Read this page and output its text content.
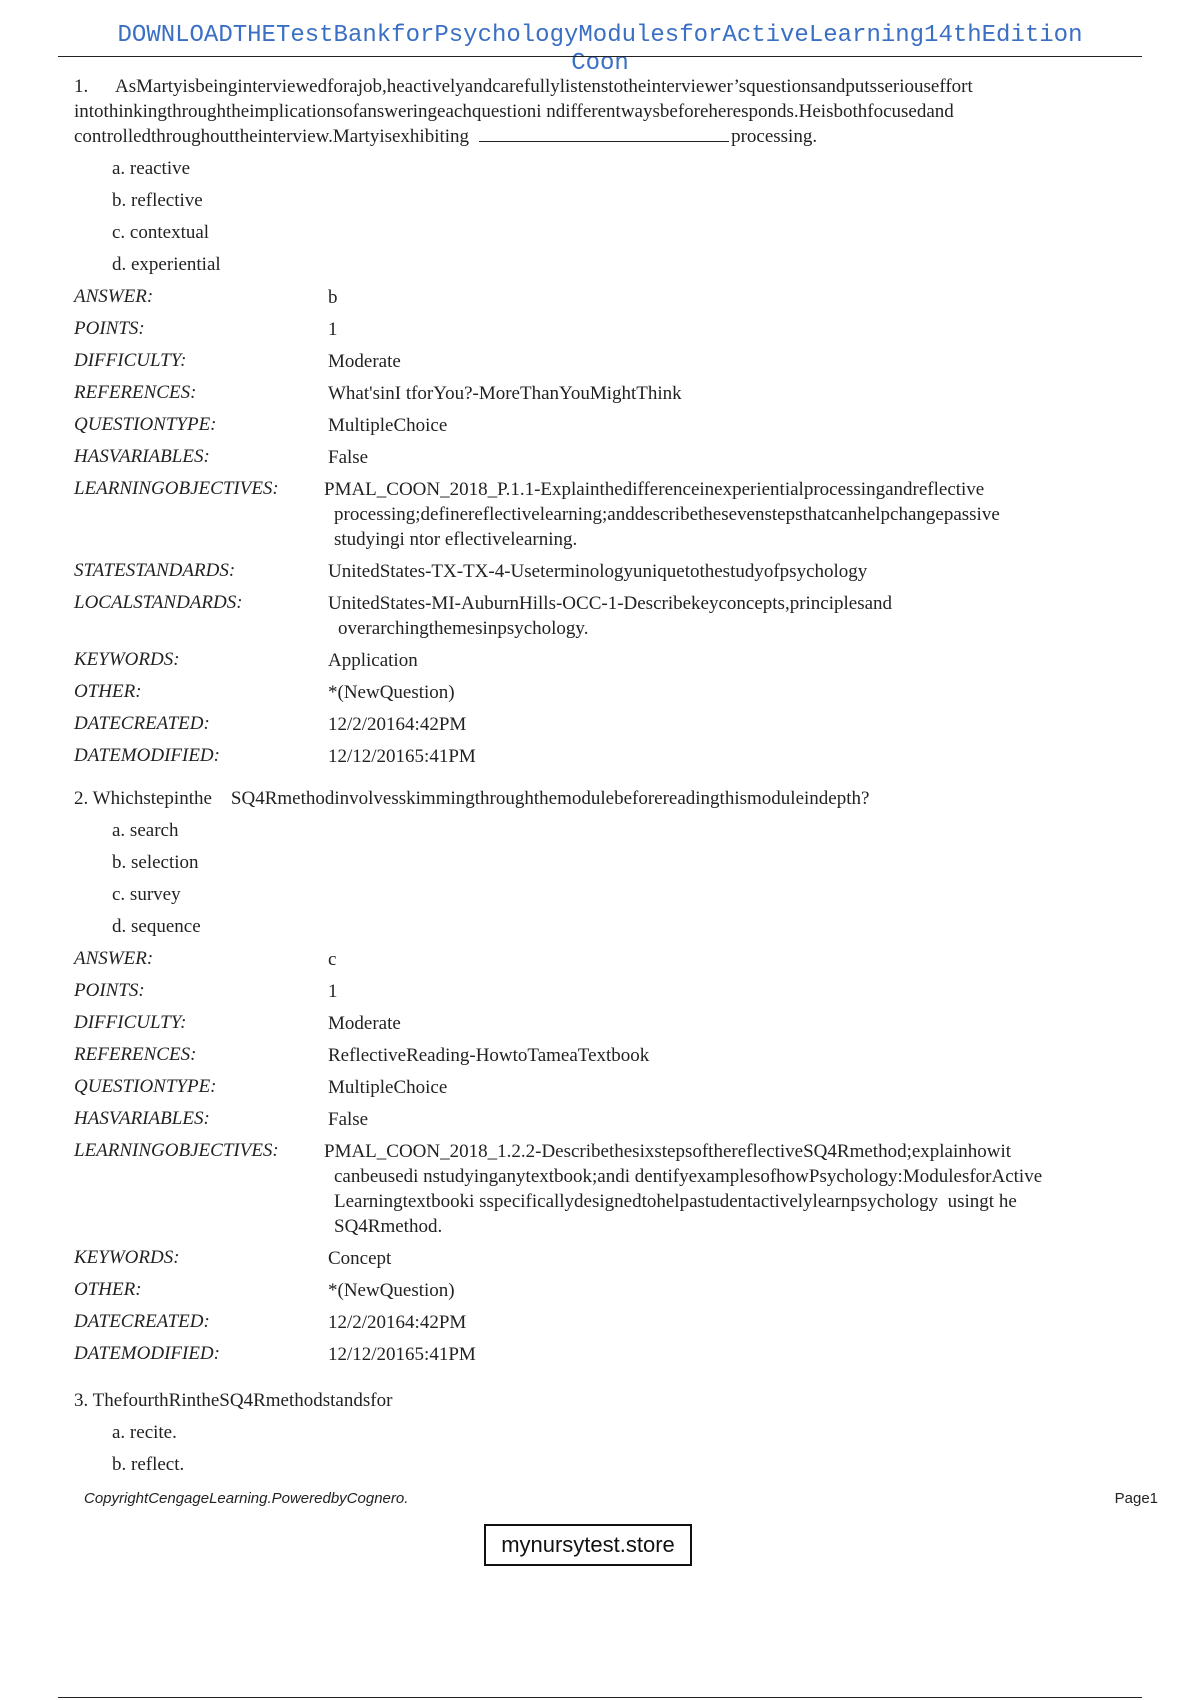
DOWNLOADTHETestBankforPsychologyModulesforActiveLearning14thEdition
Coon

1. AsMartyisbeinginterviewedforajob,heactivelyandcarefullylistenstotheinterviewer’squestionsandputsseriouseffort intothinkingthroughtheimplicationsofansweringeachquestioni ndifferentwaysbeforeheresponds.Heisbothfocusedand controlledthroughouttheinterview.Martyisexhibiting	processing.

a. reactive
b. reflective
c. contextual
d. experiential
ANSWER:	b
POINTS:	1
DIFFICULTY:	Moderate
REFERENCES:	What'sinI tforYou?-MoreThanYouMightThink
QUESTIONTYPE:	MultipleChoice
HASVARIABLES:	False
LEARNINGOBJECTIVES:	PMAL_COON_2018_P.1.1-Explainthedifferenceinexperientialprocessingandreflective
processing;definereflectivelearning;anddescribethesevenstepsthatcanhelpchangepassive
studyingi ntor eflectivelearning.
STATESTANDARDS:	UnitedStates-TX-TX-4-Useterminologyuniquetothestudyofpsychology
LOCALSTANDARDS:	UnitedStates-MI-AuburnHills-OCC-1-Describekeyconcepts,principlesand
overarchingthemesinpsychology.
KEYWORDS:	Application
OTHER:	*(NewQuestion)
DATECREATED:	12/2/20164:42PM
DATEMODIFIED:	12/12/20165:41PM

2. Whichstepinthe    SQ4Rmethodinvolvesskimmingthroughthemodulebeforereadingthismoduleindepth?

a. search
b. selection
c. survey
d. sequence
ANSWER:	c
POINTS:	1
DIFFICULTY:	Moderate
REFERENCES:	ReflectiveReading-HowtoTameaTextbook
QUESTIONTYPE:	MultipleChoice
HASVARIABLES:	False
LEARNINGOBJECTIVES:	PMAL_COON_2018_1.2.2-DescribethesixstepsofthereflectiveSQ4Rmethod;explainhowit
canbeusedi nstudyinganytextbook;andi dentifyexamplesofhowPsychology:ModulesforActive
Learningtextbooki sspecificallydesignedtohelpastudentactivelylearnpsychology  usingt he
SQ4Rmethod.
KEYWORDS:	Concept
OTHER:	*(NewQuestion)
DATECREATED:	12/2/20164:42PM
DATEMODIFIED:	12/12/20165:41PM

3. ThefourthRintheSQ4Rmethodstandsfor

a. recite.
b. reflect.
CopyrightCengageLearning.PoweredbyCognero.	Page1
mynursytest.store
